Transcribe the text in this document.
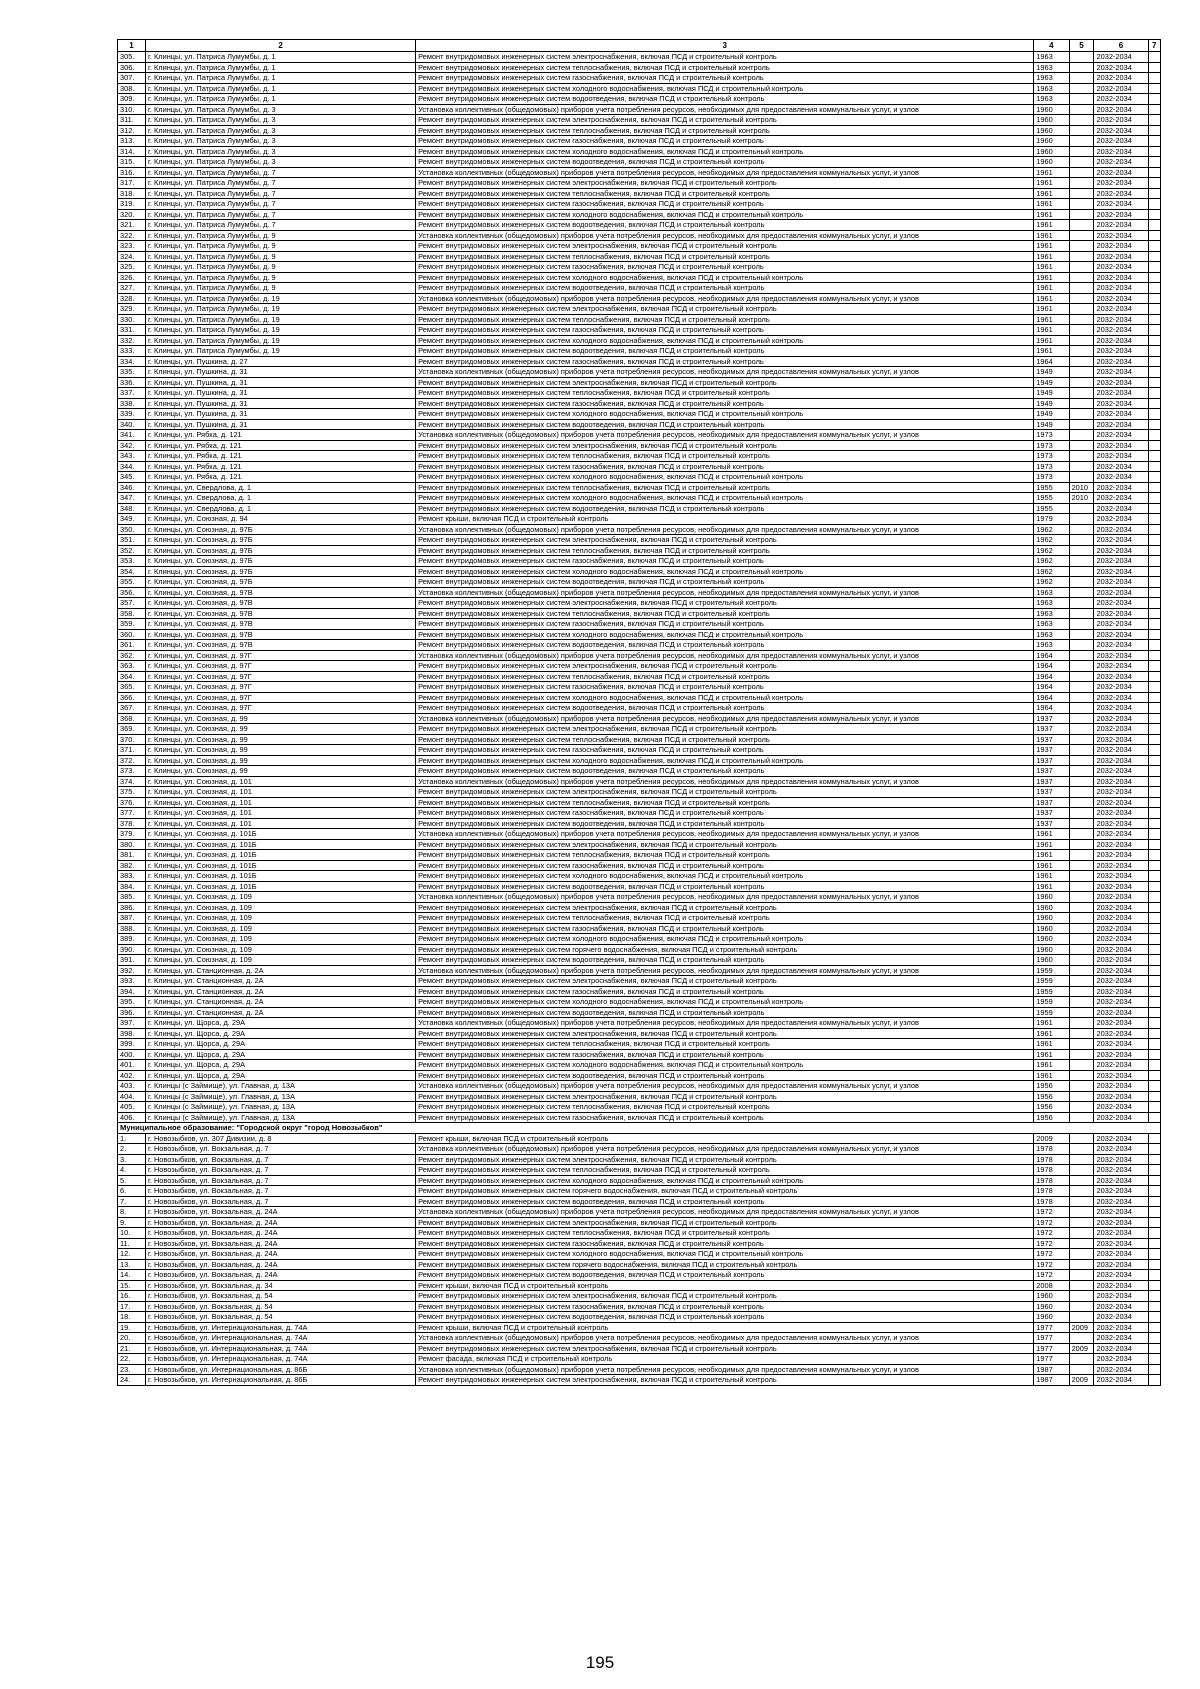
1	2	3	4	5	6	7
305.	г. Клинцы, ул. Патриса Лумумбы, д. 1	Ремонт внутридомовых инженерных систем электроснабжения, включая ПСД и строительный контроль	1963		2032-2034	
306.	г. Клинцы, ул. Патриса Лумумбы, д. 1	Ремонт внутридомовых инженерных систем теплоснабжения, включая ПСД и строительный контроль	1963		2032-2034	
307.	г. Клинцы, ул. Патриса Лумумбы, д. 1	Ремонт внутридомовых инженерных систем газоснабжения, включая ПСД и строительный контроль	1963		2032-2034	
308.	г. Клинцы, ул. Патриса Лумумбы, д. 1	Ремонт внутридомовых инженерных систем холодного водоснабжения, включая ПСД и строительный контроль	1963		2032-2034	
309.	г. Клинцы, ул. Патриса Лумумбы, д. 1	Ремонт внутридомовых инженерных систем водоотведения, включая ПСД и строительный контроль	1963		2032-2034	
310.	г. Клинцы, ул. Патриса Лумумбы, д. 3	Установка коллективных (общедомовых) приборов учета потребления ресурсов, необходимых для предоставления коммунальных услуг, и узлов	1960		2032-2034	
311.	г. Клинцы, ул. Патриса Лумумбы, д. 3	Ремонт внутридомовых инженерных систем электроснабжения, включая ПСД и строительный контроль	1960		2032-2034	
312.	г. Клинцы, ул. Патриса Лумумбы, д. 3	Ремонт внутридомовых инженерных систем теплоснабжения, включая ПСД и строительный контроль	1960		2032-2034	
313.	г. Клинцы, ул. Патриса Лумумбы, д. 3	Ремонт внутридомовых инженерных систем газоснабжения, включая ПСД и строительный контроль	1960		2032-2034	
314.	г. Клинцы, ул. Патриса Лумумбы, д. 3	Ремонт внутридомовых инженерных систем холодного водоснабжения, включая ПСД и строительный контроль	1960		2032-2034	
315.	г. Клинцы, ул. Патриса Лумумбы, д. 3	Ремонт внутридомовых инженерных систем водоотведения, включая ПСД и строительный контроль	1960		2032-2034	
316.	г. Клинцы, ул. Патриса Лумумбы, д. 7	Установка коллективных (общедомовых) приборов учета потребления ресурсов, необходимых для предоставления коммунальных услуг, и узлов	1961		2032-2034	
317.	г. Клинцы, ул. Патриса Лумумбы, д. 7	Ремонт внутридомовых инженерных систем электроснабжения, включая ПСД и строительный контроль	1961		2032-2034	
318.	г. Клинцы, ул. Патриса Лумумбы, д. 7	Ремонт внутридомовых инженерных систем теплоснабжения, включая ПСД и строительный контроль	1961		2032-2034	
319.	г. Клинцы, ул. Патриса Лумумбы, д. 7	Ремонт внутридомовых инженерных систем газоснабжения, включая ПСД и строительный контроль	1961		2032-2034	
320.	г. Клинцы, ул. Патриса Лумумбы, д. 7	Ремонт внутридомовых инженерных систем холодного водоснабжения, включая ПСД и строительный контроль	1961		2032-2034	
321.	г. Клинцы, ул. Патриса Лумумбы, д. 7	Ремонт внутридомовых инженерных систем водоотведения, включая ПСД и строительный контроль	1961		2032-2034	
322.	г. Клинцы, ул. Патриса Лумумбы, д. 9	Установка коллективных (общедомовых) приборов учета потребления ресурсов, необходимых для предоставления коммунальных услуг, и узлов	1961		2032-2034	
323.	г. Клинцы, ул. Патриса Лумумбы, д. 9	Ремонт внутридомовых инженерных систем электроснабжения, включая ПСД и строительный контроль	1961		2032-2034	
324.	г. Клинцы, ул. Патриса Лумумбы, д. 9	Ремонт внутридомовых инженерных систем теплоснабжения, включая ПСД и строительный контроль	1961		2032-2034	
325.	г. Клинцы, ул. Патриса Лумумбы, д. 9	Ремонт внутридомовых инженерных систем газоснабжения, включая ПСД и строительный контроль	1961		2032-2034	
326.	г. Клинцы, ул. Патриса Лумумбы, д. 9	Ремонт внутридомовых инженерных систем холодного водоснабжения, включая ПСД и строительный контроль	1961		2032-2034	
327.	г. Клинцы, ул. Патриса Лумумбы, д. 9	Ремонт внутридомовых инженерных систем водоотведения, включая ПСД и строительный контроль	1961		2032-2034	
328.	г. Клинцы, ул. Патриса Лумумбы, д. 19	Установка коллективных (общедомовых) приборов учета потребления ресурсов, необходимых для предоставления коммунальных услуг, и узлов	1961		2032-2034	
329.	г. Клинцы, ул. Патриса Лумумбы, д. 19	Ремонт внутридомовых инженерных систем электроснабжения, включая ПСД и строительный контроль	1961		2032-2034	
330.	г. Клинцы, ул. Патриса Лумумбы, д. 19	Ремонт внутридомовых инженерных систем теплоснабжения, включая ПСД и строительный контроль	1961		2032-2034	
331.	г. Клинцы, ул. Патриса Лумумбы, д. 19	Ремонт внутридомовых инженерных систем газоснабжения, включая ПСД и строительный контроль	1961		2032-2034	
332.	г. Клинцы, ул. Патриса Лумумбы, д. 19	Ремонт внутридомовых инженерных систем холодного водоснабжения, включая ПСД и строительный контроль	1961		2032-2034	
333.	г. Клинцы, ул. Патриса Лумумбы, д. 19	Ремонт внутридомовых инженерных систем водоотведения, включая ПСД и строительный контроль	1961		2032-2034	
334.	г. Клинцы, ул. Пушкина, д. 27	Ремонт внутридомовых инженерных систем газоснабжения, включая ПСД и строительный контроль	1964		2032-2034	
335.	г. Клинцы, ул. Пушкина, д. 31	Установка коллективных (общедомовых) приборов учета потребления ресурсов, необходимых для предоставления коммунальных услуг, и узлов	1949		2032-2034	
336.	г. Клинцы, ул. Пушкина, д. 31	Ремонт внутридомовых инженерных систем электроснабжения, включая ПСД и строительный контроль	1949		2032-2034	
337.	г. Клинцы, ул. Пушкина, д. 31	Ремонт внутридомовых инженерных систем теплоснабжения, включая ПСД и строительный контроль	1949		2032-2034	
338.	г. Клинцы, ул. Пушкина, д. 31	Ремонт внутридомовых инженерных систем газоснабжения, включая ПСД и строительный контроль	1949		2032-2034	
339.	г. Клинцы, ул. Пушкина, д. 31	Ремонт внутридомовых инженерных систем холодного водоснабжения, включая ПСД и строительный контроль	1949		2032-2034	
340.	г. Клинцы, ул. Пушкина, д. 31	Ремонт внутридомовых инженерных систем водоотведения, включая ПСД и строительный контроль	1949		2032-2034	
341.	г. Клинцы, ул. Рябка, д. 121	Установка коллективных (общедомовых) приборов учета потребления ресурсов, необходимых для предоставления коммунальных услуг, и узлов	1973		2032-2034	
342.	г. Клинцы, ул. Рябка, д. 121	Ремонт внутридомовых инженерных систем электроснабжения, включая ПСД и строительный контроль	1973		2032-2034	
343.	г. Клинцы, ул. Рябка, д. 121	Ремонт внутридомовых инженерных систем теплоснабжения, включая ПСД и строительный контроль	1973		2032-2034	
344.	г. Клинцы, ул. Рябка, д. 121	Ремонт внутридомовых инженерных систем газоснабжения, включая ПСД и строительный контроль	1973		2032-2034	
345.	г. Клинцы, ул. Рябка, д. 121	Ремонт внутридомовых инженерных систем холодного водоснабжения, включая ПСД и строительный контроль	1973		2032-2034	
346.	г. Клинцы, ул. Свердлова, д. 1	Ремонт внутридомовых инженерных систем теплоснабжения, включая ПСД и строительный контроль	1955	2010	2032-2034	
347.	г. Клинцы, ул. Свердлова, д. 1	Ремонт внутридомовых инженерных систем холодного водоснабжения, включая ПСД и строительный контроль	1955	2010	2032-2034	
348.	г. Клинцы, ул. Свердлова, д. 1	Ремонт внутридомовых инженерных систем водоотведения, включая ПСД и строительный контроль	1955		2032-2034	
349.	г. Клинцы, ул. Союзная, д. 94	Ремонт крыши, включая ПСД и строительный контроль	1979		2032-2034	
350.	г. Клинцы, ул. Союзная, д. 97Б	Установка коллективных (общедомовых) приборов учета потребления ресурсов, необходимых для предоставления коммунальных услуг, и узлов	1962		2032-2034	
351.	г. Клинцы, ул. Союзная, д. 97Б	Ремонт внутридомовых инженерных систем электроснабжения, включая ПСД и строительный контроль	1962		2032-2034	
352.	г. Клинцы, ул. Союзная, д. 97Б	Ремонт внутридомовых инженерных систем теплоснабжения, включая ПСД и строительный контроль	1962		2032-2034	
353.	г. Клинцы, ул. Союзная, д. 97Б	Ремонт внутридомовых инженерных систем газоснабжения, включая ПСД и строительный контроль	1962		2032-2034	
354.	г. Клинцы, ул. Союзная, д. 97Б	Ремонт внутридомовых инженерных систем холодного водоснабжения, включая ПСД и строительный контроль	1962		2032-2034	
355.	г. Клинцы, ул. Союзная, д. 97Б	Ремонт внутридомовых инженерных систем водоотведения, включая ПСД и строительный контроль	1962		2032-2034	
356.	г. Клинцы, ул. Союзная, д. 97В	Установка коллективных (общедомовых) приборов учета потребления ресурсов, необходимых для предоставления коммунальных услуг, и узлов	1963		2032-2034	
357.	г. Клинцы, ул. Союзная, д. 97В	Ремонт внутридомовых инженерных систем электроснабжения, включая ПСД и строительный контроль	1963		2032-2034	
358.	г. Клинцы, ул. Союзная, д. 97В	Ремонт внутридомовых инженерных систем теплоснабжения, включая ПСД и строительный контроль	1963		2032-2034	
359.	г. Клинцы, ул. Союзная, д. 97В	Ремонт внутридомовых инженерных систем газоснабжения, включая ПСД и строительный контроль	1963		2032-2034	
360.	г. Клинцы, ул. Союзная, д. 97В	Ремонт внутридомовых инженерных систем холодного водоснабжения, включая ПСД и строительный контроль	1963		2032-2034	
361.	г. Клинцы, ул. Союзная, д. 97В	Ремонт внутридомовых инженерных систем водоотведения, включая ПСД и строительный контроль	1963		2032-2034	
362.	г. Клинцы, ул. Союзная, д. 97Г	Установка коллективных (общедомовых) приборов учета потребления ресурсов, необходимых для предоставления коммунальных услуг, и узлов	1964		2032-2034	
363.	г. Клинцы, ул. Союзная, д. 97Г	Ремонт внутридомовых инженерных систем электроснабжения, включая ПСД и строительный контроль	1964		2032-2034	
364.	г. Клинцы, ул. Союзная, д. 97Г	Ремонт внутридомовых инженерных систем теплоснабжения, включая ПСД и строительный контроль	1964		2032-2034	
365.	г. Клинцы, ул. Союзная, д. 97Г	Ремонт внутридомовых инженерных систем газоснабжения, включая ПСД и строительный контроль	1964		2032-2034	
366.	г. Клинцы, ул. Союзная, д. 97Г	Ремонт внутридомовых инженерных систем холодного водоснабжения, включая ПСД и строительный контроль	1964		2032-2034	
367.	г. Клинцы, ул. Союзная, д. 97Г	Ремонт внутридомовых инженерных систем водоотведения, включая ПСД и строительный контроль	1964		2032-2034	
368.	г. Клинцы, ул. Союзная, д. 99	Установка коллективных (общедомовых) приборов учета потребления ресурсов, необходимых для предоставления коммунальных услуг, и узлов	1937		2032-2034	
369.	г. Клинцы, ул. Союзная, д. 99	Ремонт внутридомовых инженерных систем электроснабжения, включая ПСД и строительный контроль	1937		2032-2034	
370.	г. Клинцы, ул. Союзная, д. 99	Ремонт внутридомовых инженерных систем теплоснабжения, включая ПСД и строительный контроль	1937		2032-2034	
371.	г. Клинцы, ул. Союзная, д. 99	Ремонт внутридомовых инженерных систем газоснабжения, включая ПСД и строительный контроль	1937		2032-2034	
372.	г. Клинцы, ул. Союзная, д. 99	Ремонт внутридомовых инженерных систем холодного водоснабжения, включая ПСД и строительный контроль	1937		2032-2034	
373.	г. Клинцы, ул. Союзная, д. 99	Ремонт внутридомовых инженерных систем водоотведения, включая ПСД и строительный контроль	1937		2032-2034	
374.	г. Клинцы, ул. Союзная, д. 101	Установка коллективных (общедомовых) приборов учета потребления ресурсов, необходимых для предоставления коммунальных услуг, и узлов	1937		2032-2034	
375.	г. Клинцы, ул. Союзная, д. 101	Ремонт внутридомовых инженерных систем электроснабжения, включая ПСД и строительный контроль	1937		2032-2034	
376.	г. Клинцы, ул. Союзная, д. 101	Ремонт внутридомовых инженерных систем теплоснабжения, включая ПСД и строительный контроль	1937		2032-2034	
377.	г. Клинцы, ул. Союзная, д. 101	Ремонт внутридомовых инженерных систем газоснабжения, включая ПСД и строительный контроль	1937		2032-2034	
378.	г. Клинцы, ул. Союзная, д. 101	Ремонт внутридомовых инженерных систем водоотведения, включая ПСД и строительный контроль	1937		2032-2034	
379.	г. Клинцы, ул. Союзная, д. 101Б	Установка коллективных (общедомовых) приборов учета потребления ресурсов, необходимых для предоставления коммунальных услуг, и узлов	1961		2032-2034	
380.	г. Клинцы, ул. Союзная, д. 101Б	Ремонт внутридомовых инженерных систем электроснабжения, включая ПСД и строительный контроль	1961		2032-2034	
381.	г. Клинцы, ул. Союзная, д. 101Б	Ремонт внутридомовых инженерных систем теплоснабжения, включая ПСД и строительный контроль	1961		2032-2034	
382.	г. Клинцы, ул. Союзная, д. 101Б	Ремонт внутридомовых инженерных систем газоснабжения, включая ПСД и строительный контроль	1961		2032-2034	
383.	г. Клинцы, ул. Союзная, д. 101Б	Ремонт внутридомовых инженерных систем холодного водоснабжения, включая ПСД и строительный контроль	1961		2032-2034	
384.	г. Клинцы, ул. Союзная, д. 101Б	Ремонт внутридомовых инженерных систем водоотведения, включая ПСД и строительный контроль	1961		2032-2034	
385.	г. Клинцы, ул. Союзная, д. 109	Установка коллективных (общедомовых) приборов учета потребления ресурсов, необходимых для предоставления коммунальных услуг, и узлов	1960		2032-2034	
386.	г. Клинцы, ул. Союзная, д. 109	Ремонт внутридомовых инженерных систем электроснабжения, включая ПСД и строительный контроль	1960		2032-2034	
387.	г. Клинцы, ул. Союзная, д. 109	Ремонт внутридомовых инженерных систем теплоснабжения, включая ПСД и строительный контроль	1960		2032-2034	
388.	г. Клинцы, ул. Союзная, д. 109	Ремонт внутридомовых инженерных систем газоснабжения, включая ПСД и строительный контроль	1960		2032-2034	
389.	г. Клинцы, ул. Союзная, д. 109	Ремонт внутридомовых инженерных систем холодного водоснабжения, включая ПСД и строительный контроль	1960		2032-2034	
390.	г. Клинцы, ул. Союзная, д. 109	Ремонт внутридомовых инженерных систем горячего водоснабжения, включая ПСД и строительный контроль	1960		2032-2034	
391.	г. Клинцы, ул. Союзная, д. 109	Ремонт внутридомовых инженерных систем водоотведения, включая ПСД и строительный контроль	1960		2032-2034	
392.	г. Клинцы, ул. Станционная, д. 2А	Установка коллективных (общедомовых) приборов учета потребления ресурсов, необходимых для предоставления коммунальных услуг, и узлов	1959		2032-2034	
393.	г. Клинцы, ул. Станционная, д. 2А	Ремонт внутридомовых инженерных систем электроснабжения, включая ПСД и строительный контроль	1959		2032-2034	
394.	г. Клинцы, ул. Станционная, д. 2А	Ремонт внутридомовых инженерных систем газоснабжения, включая ПСД и строительный контроль	1959		2032-2034	
395.	г. Клинцы, ул. Станционная, д. 2А	Ремонт внутридомовых инженерных систем холодного водоснабжения, включая ПСД и строительный контроль	1959		2032-2034	
396.	г. Клинцы, ул. Станционная, д. 2А	Ремонт внутридомовых инженерных систем водоотведения, включая ПСД и строительный контроль	1959		2032-2034	
397.	г. Клинцы, ул. Щорса, д. 29А	Установка коллективных (общедомовых) приборов учета потребления ресурсов, необходимых для предоставления коммунальных услуг, и узлов	1961		2032-2034	
398.	г. Клинцы, ул. Щорса, д. 29А	Ремонт внутридомовых инженерных систем электроснабжения, включая ПСД и строительный контроль	1961		2032-2034	
399.	г. Клинцы, ул. Щорса, д. 29А	Ремонт внутридомовых инженерных систем теплоснабжения, включая ПСД и строительный контроль	1961		2032-2034	
400.	г. Клинцы, ул. Щорса, д. 29А	Ремонт внутридомовых инженерных систем газоснабжения, включая ПСД и строительный контроль	1961		2032-2034	
401.	г. Клинцы, ул. Щорса, д. 29А	Ремонт внутридомовых инженерных систем холодного водоснабжения, включая ПСД и строительный контроль	1961		2032-2034	
402.	г. Клинцы, ул. Щорса, д. 29А	Ремонт внутридомовых инженерных систем водоотведения, включая ПСД и строительный контроль	1961		2032-2034	
403.	г. Клинцы (с Займище), ул. Главная, д. 13А	Установка коллективных (общедомовых) приборов учета потребления ресурсов, необходимых для предоставления коммунальных услуг, и узлов	1956		2032-2034	
404.	г. Клинцы (с Займище), ул. Главная, д. 13А	Ремонт внутридомовых инженерных систем электроснабжения, включая ПСД и строительный контроль	1956		2032-2034	
405.	г. Клинцы (с Займище), ул. Главная, д. 13А	Ремонт внутридомовых инженерных систем теплоснабжения, включая ПСД и строительный контроль	1956		2032-2034	
406.	г. Клинцы (с Займище), ул. Главная, д. 13А	Ремонт внутридомовых инженерных систем газоснабжения, включая ПСД и строительный контроль	1956		2032-2034	
Муниципальное образование: "Городской округ "город Новозыбков"						
1.	г. Новозыбков, ул. 307 Дивизии, д. 8	Ремонт крыши, включая ПСД и строительный контроль	2009		2032-2034	
2.	г. Новозыбков, ул. Вокзальная, д. 7	Установка коллективных (общедомовых) приборов учета потребления ресурсов, необходимых для предоставления коммунальных услуг, и узлов	1978		2032-2034	
3.	г. Новозыбков, ул. Вокзальная, д. 7	Ремонт внутридомовых инженерных систем электроснабжения, включая ПСД и строительный контроль	1978		2032-2034	
4.	г. Новозыбков, ул. Вокзальная, д. 7	Ремонт внутридомовых инженерных систем теплоснабжения, включая ПСД и строительный контроль	1978		2032-2034	
5.	г. Новозыбков, ул. Вокзальная, д. 7	Ремонт внутридомовых инженерных систем холодного водоснабжения, включая ПСД и строительный контроль	1978		2032-2034	
6.	г. Новозыбков, ул. Вокзальная, д. 7	Ремонт внутридомовых инженерных систем горячего водоснабжения, включая ПСД и строительный контроль	1978		2032-2034	
7.	г. Новозыбков, ул. Вокзальная, д. 7	Ремонт внутридомовых инженерных систем водоотведения, включая ПСД и строительный контроль	1978		2032-2034	
8.	г. Новозыбков, ул. Вокзальная, д. 24А	Установка коллективных (общедомовых) приборов учета потребления ресурсов, необходимых для предоставления коммунальных услуг, и узлов	1972		2032-2034	
9.	г. Новозыбков, ул. Вокзальная, д. 24А	Ремонт внутридомовых инженерных систем электроснабжения, включая ПСД и строительный контроль	1972		2032-2034	
10.	г. Новозыбков, ул. Вокзальная, д. 24А	Ремонт внутридомовых инженерных систем теплоснабжения, включая ПСД и строительный контроль	1972		2032-2034	
11.	г. Новозыбков, ул. Вокзальная, д. 24А	Ремонт внутридомовых инженерных систем газоснабжения, включая ПСД и строительный контроль	1972		2032-2034	
12.	г. Новозыбков, ул. Вокзальная, д. 24А	Ремонт внутридомовых инженерных систем холодного водоснабжения, включая ПСД и строительный контроль	1972		2032-2034	
13.	г. Новозыбков, ул. Вокзальная, д. 24А	Ремонт внутридомовых инженерных систем горячего водоснабжения, включая ПСД и строительный контроль	1972		2032-2034	
14.	г. Новозыбков, ул. Вокзальная, д. 24А	Ремонт внутридомовых инженерных систем водоотведения, включая ПСД и строительный контроль	1972		2032-2034	
15.	г. Новозыбков, ул. Вокзальная, д. 34	Ремонт крыши, включая ПСД и строительный контроль	2008		2032-2034	
16.	г. Новозыбков, ул. Вокзальная, д. 54	Ремонт внутридомовых инженерных систем электроснабжения, включая ПСД и строительный контроль	1960		2032-2034	
17.	г. Новозыбков, ул. Вокзальная, д. 54	Ремонт внутридомовых инженерных систем газоснабжения, включая ПСД и строительный контроль	1960		2032-2034	
18.	г. Новозыбков, ул. Вокзальная, д. 54	Ремонт внутридомовых инженерных систем водоотведения, включая ПСД и строительный контроль	1960		2032-2034	
19.	г. Новозыбков, ул. Интернациональная, д. 74А	Ремонт крыши, включая ПСД и строительный контроль	1977	2009	2032-2034	
20.	г. Новозыбков, ул. Интернациональная, д. 74А	Установка коллективных (общедомовых) приборов учета потребления ресурсов, необходимых для предоставления коммунальных услуг, и узлов	1977		2032-2034	
21.	г. Новозыбков, ул. Интернациональная, д. 74А	Ремонт внутридомовых инженерных систем электроснабжения, включая ПСД и строительный контроль	1977	2009	2032-2034	
22.	г. Новозыбков, ул. Интернациональная, д. 74А	Ремонт фасада, включая ПСД и строительный контроль	1977		2032-2034	
23.	г. Новозыбков, ул. Интернациональная, д. 86Б	Установка коллективных (общедомовых) приборов учета потребления ресурсов, необходимых для предоставления коммунальных услуг, и узлов	1987		2032-2034	
24.	г. Новозыбков, ул. Интернациональная, д. 86Б	Ремонт внутридомовых инженерных систем электроснабжения, включая ПСД и строительный контроль	1987	2009	2032-2034	
195
